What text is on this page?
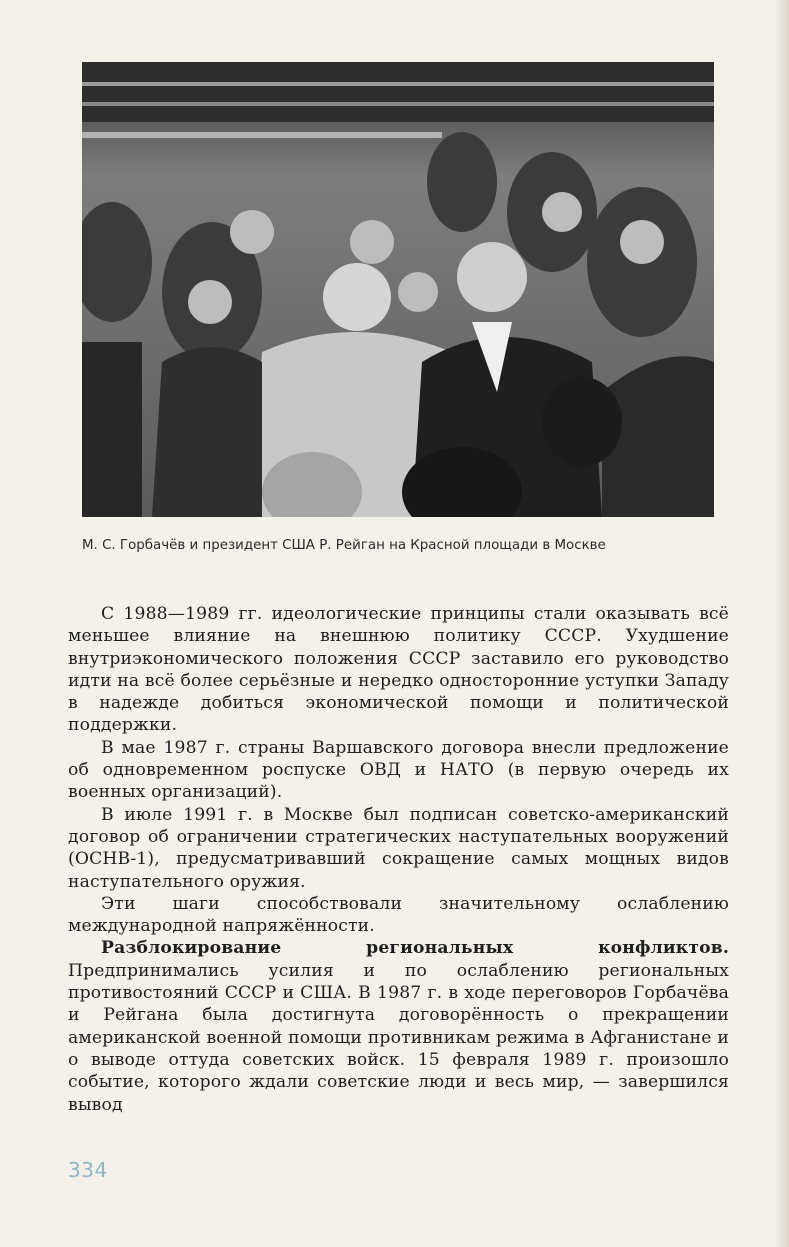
М. С. Горбачёв и президент США Р. Рейган на Красной площади в Москве

С 1988—1989 гг. идеологические принципы стали оказывать всё меньшее влияние на внешнюю политику СССР. Ухудшение внутриэкономического положения СССР заставило его руководство идти на всё более серьёзные и нередко односторонние уступки Западу в надежде добиться экономической помощи и политической поддержки.

В мае 1987 г. страны Варшавского договора внесли предложение об одновременном роспуске ОВД и НАТО (в первую очередь их военных организаций).

В июле 1991 г. в Москве был подписан советско-американский договор об ограничении стратегических наступательных вооружений (ОСНВ-1), предусматривавший сокращение самых мощных видов наступательного оружия.

Эти шаги способствовали значительному ослаблению международной напряжённости.

Разблокирование региональных конфликтов. Предпринимались усилия и по ослаблению региональных противостояний СССР и США. В 1987 г. в ходе переговоров Горбачёва и Рейгана была достигнута договорённость о прекращении американской военной помощи противникам режима в Афганистане и о выводе оттуда советских войск. 15 февраля 1989 г. произошло событие, которого ждали советские люди и весь мир, — завершился вывод

334
